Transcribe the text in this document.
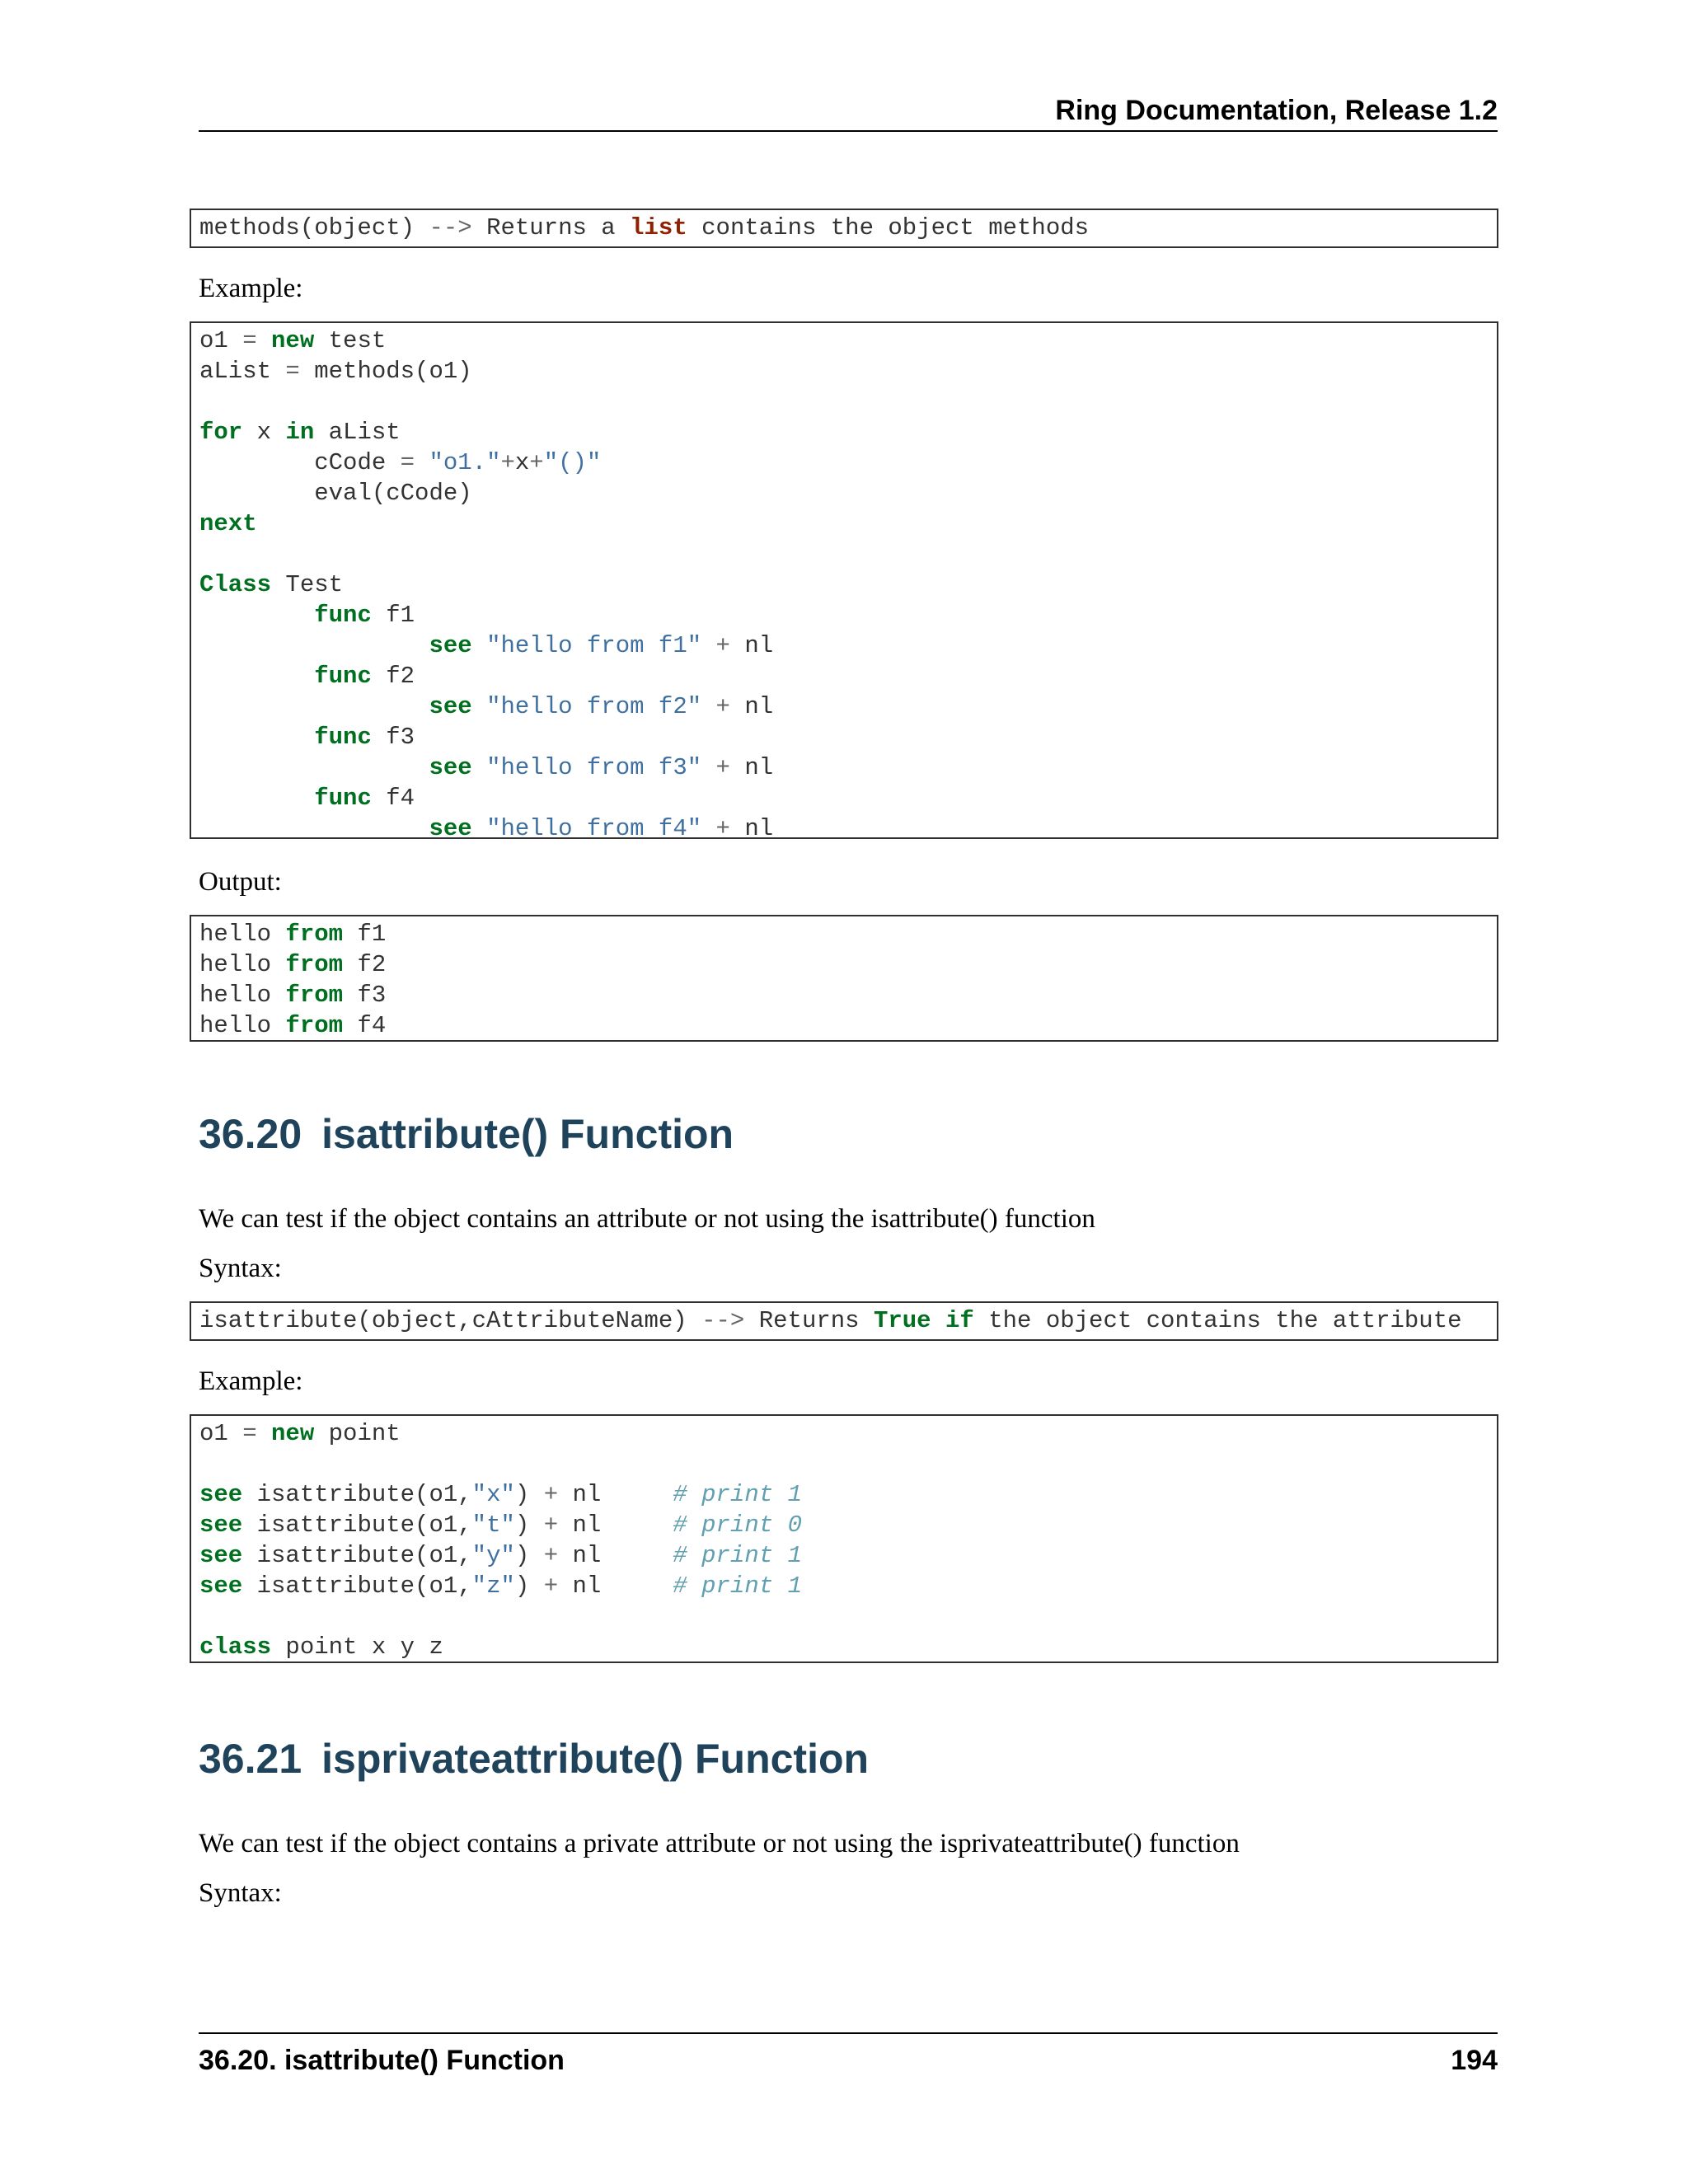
Ring Documentation, Release 1.2
methods(object) --> Returns a list contains the object methods
Example:
o1 = new test
aList = methods(o1)
for x in aList
cCode = "o1."+x+"()"
eval(cCode)
next
Class Test
func f1
see "hello from f1" + nl
func f2
see "hello from f2" + nl
func f3
see "hello from f3" + nl
func f4
see "hello from f4" + nl
Output:
hello from f1
hello from f2
hello from f3
hello from f4
36.20 isattribute() Function
We can test if the object contains an attribute or not using the isattribute() function
Syntax:
isattribute(object,cAttributeName) --> Returns True if the object contains the attribute
Example:
o1 = new point
see isattribute(o1,"x") + nl	# print 1
see isattribute(o1,"t") + nl	# print 0
see isattribute(o1,"y") + nl	# print 1
see isattribute(o1,"z") + nl	# print 1
class point x y z
36.21 isprivateattribute() Function
We can test if the object contains a private attribute or not using the isprivateattribute() function
Syntax:
36.20. isattribute() Function	194
